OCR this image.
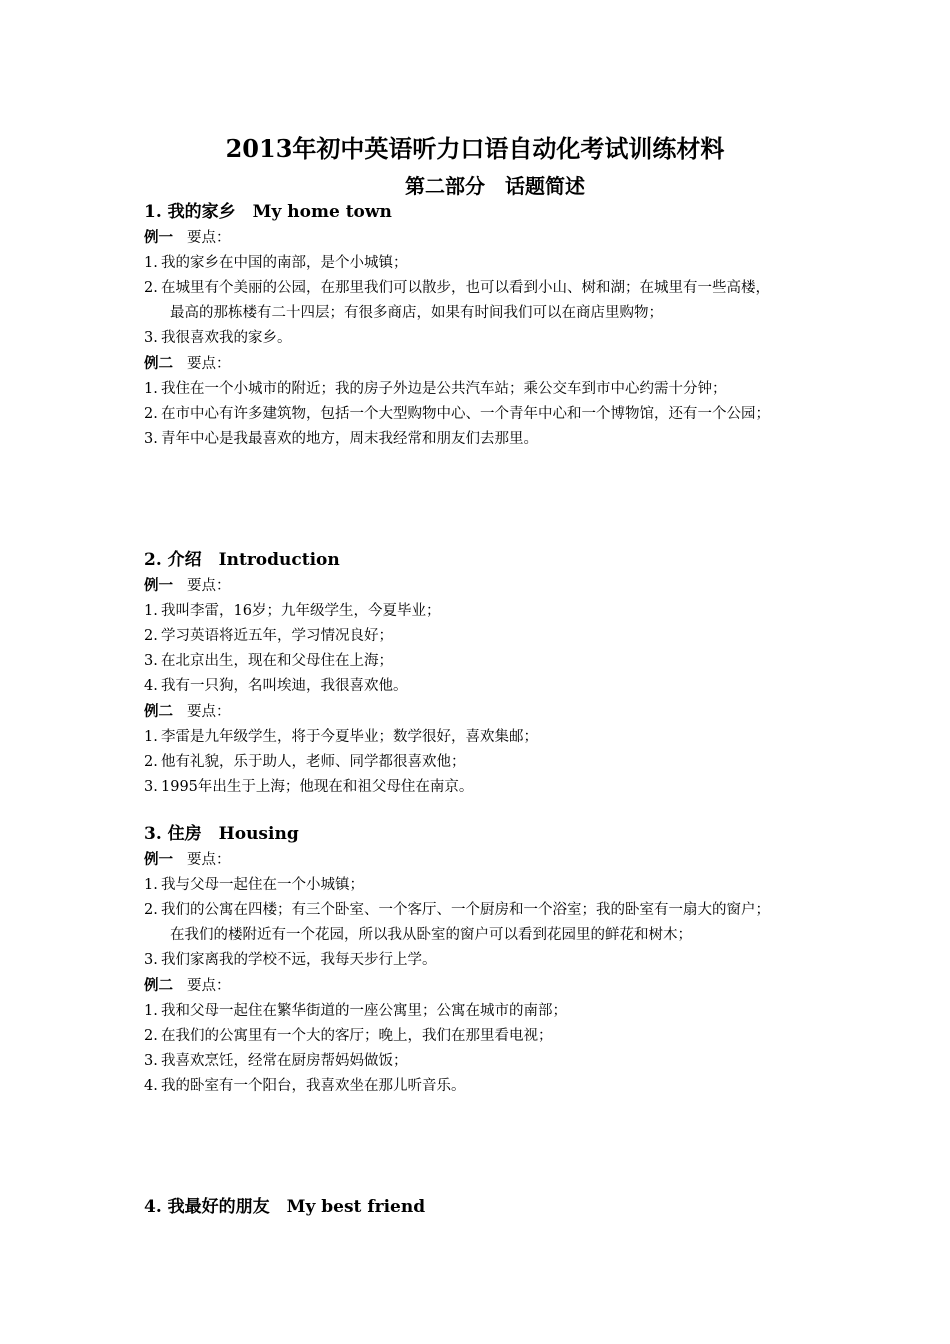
2013年初中英语听力口语自动化考试训练材料
第二部分　话题简述
1. 我的家乡　My home town
例一 要点：
1. 我的家乡在中国的南部，是个小城镇；
2. 在城里有个美丽的公园，在那里我们可以散步，也可以看到小山、树和湖；在城里有一些高楼，最高的那栋楼有二十四层；有很多商店，如果有时间我们可以在商店里购物；
3. 我很喜欢我的家乡。
例二 要点：
1. 我住在一个小城市的附近；我的房子外边是公共汽车站；乘公交车到市中心约需十分钟；
2. 在市中心有许多建筑物，包括一个大型购物中心、一个青年中心和一个博物馆，还有一个公园；
3. 青年中心是我最喜欢的地方，周末我经常和朋友们去那里。
2. 介绍　Introduction
例一 要点：
1. 我叫李雷，16岁；九年级学生，今夏毕业；
2. 学习英语将近五年，学习情况良好；
3. 在北京出生，现在和父母住在上海；
4. 我有一只狗，名叫埃迪，我很喜欢他。
例二 要点：
1. 李雷是九年级学生，将于今夏毕业；数学很好，喜欢集邮；
2. 他有礼貌，乐于助人，老师、同学都很喜欢他；
3. 1995年出生于上海；他现在和祖父母住在南京。
3. 住房　Housing
例一 要点：
1. 我与父母一起住在一个小城镇；
2. 我们的公寓在四楼；有三个卧室、一个客厅、一个厨房和一个浴室；我的卧室有一扇大的窗户；在我们的楼附近有一个花园，所以我从卧室的窗户可以看到花园里的鲜花和树木；
3. 我们家离我的学校不远，我每天步行上学。
例二 要点：
1. 我和父母一起住在繁华街道的一座公寓里；公寓在城市的南部；
2. 在我们的公寓里有一个大的客厅；晚上，我们在那里看电视；
3. 我喜欢烹饪，经常在厨房帮妈妈做饭；
4. 我的卧室有一个阳台，我喜欢坐在那儿听音乐。
4. 我最好的朋友　My best friend
